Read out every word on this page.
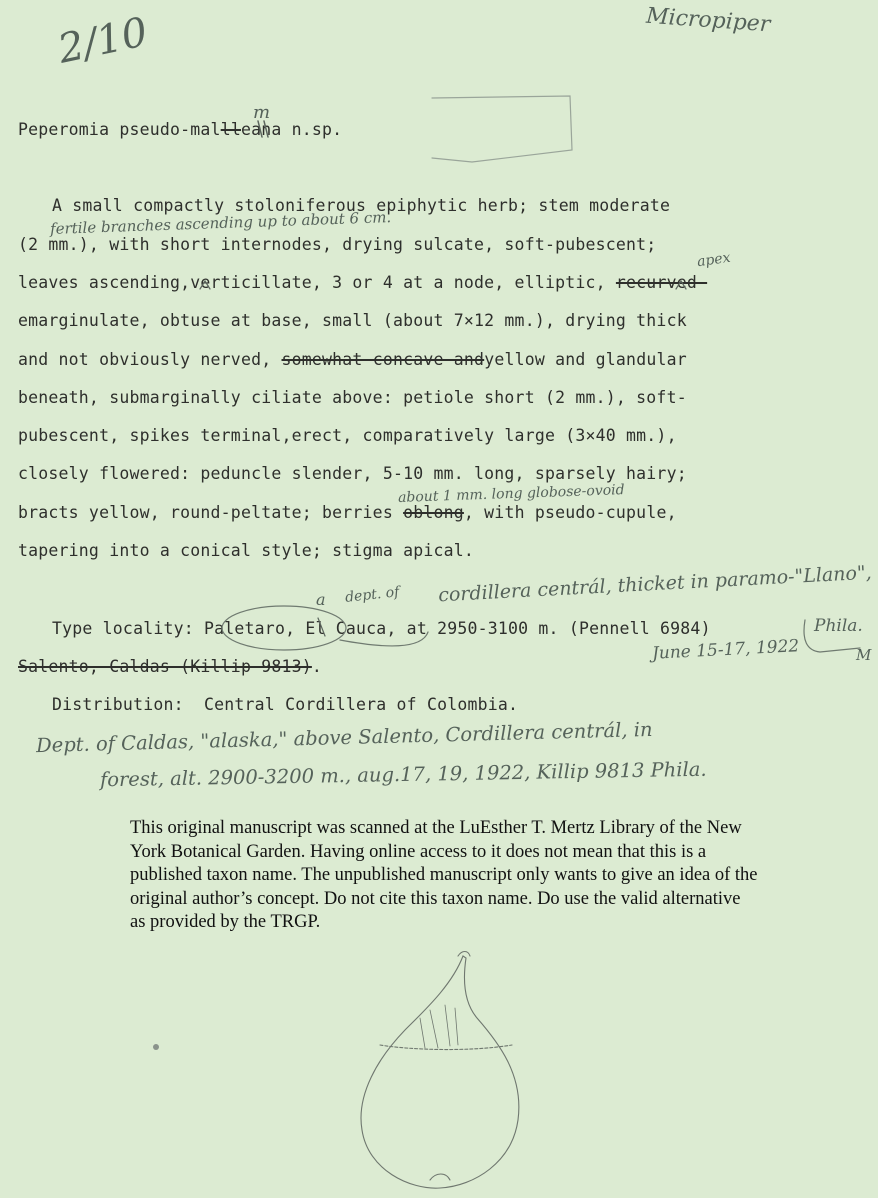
2/10	Micropiper
m
Peperomia pseudo-mallleana n.sp.
fertile branches ascending up to about 6 cm.
A small compactly stoloniferous epiphytic herb; stem moderate
(2 mm.), with short internodes, drying sulcate, soft-pubescent;
apex
leaves ascending,verticillate, 3 or 4 at a node, elliptic, recurved-
emarginulate, obtuse at base, small (about 7×12 mm.), drying thick
and not obviously nerved, somewhat concave andyellow and glandular
beneath, submarginally ciliate above: petiole short (2 mm.), soft-
pubescent, spikes terminal,erect, comparatively large (3×40 mm.),
closely flowered: peduncle slender, 5-10 mm. long, sparsely hairy;
about 1 mm. long globose-ovoid
bracts yellow, round-peltate; berries oblong, with pseudo-cupule,
tapering into a conical style; stigma apical.
a dept. of cordillera centrál, thicket in paramo-"Llano",
Type locality: Paletaro, El Cauca, at 2950-3100 m. (Pennell 6984)	Phila.
June 15-17, 1922	M
Salento, Caldas (Killip 9813).
Distribution:  Central Cordillera of Colombia.
Dept. of Caldas, "alaska," above Salento, Cordillera centrál, in
forest, alt. 2900-3200 m., aug.17, 19, 1922, Killip 9813 Phila.

This original manuscript was scanned at the LuEsther T. Mertz Library of the New York Botanical Garden. Having online access to it does not mean that this is a published taxon name. The unpublished manuscript only wants to give an idea of the original author’s concept. Do not cite this taxon name. Do use the valid alternative as provided by the TRGP.
